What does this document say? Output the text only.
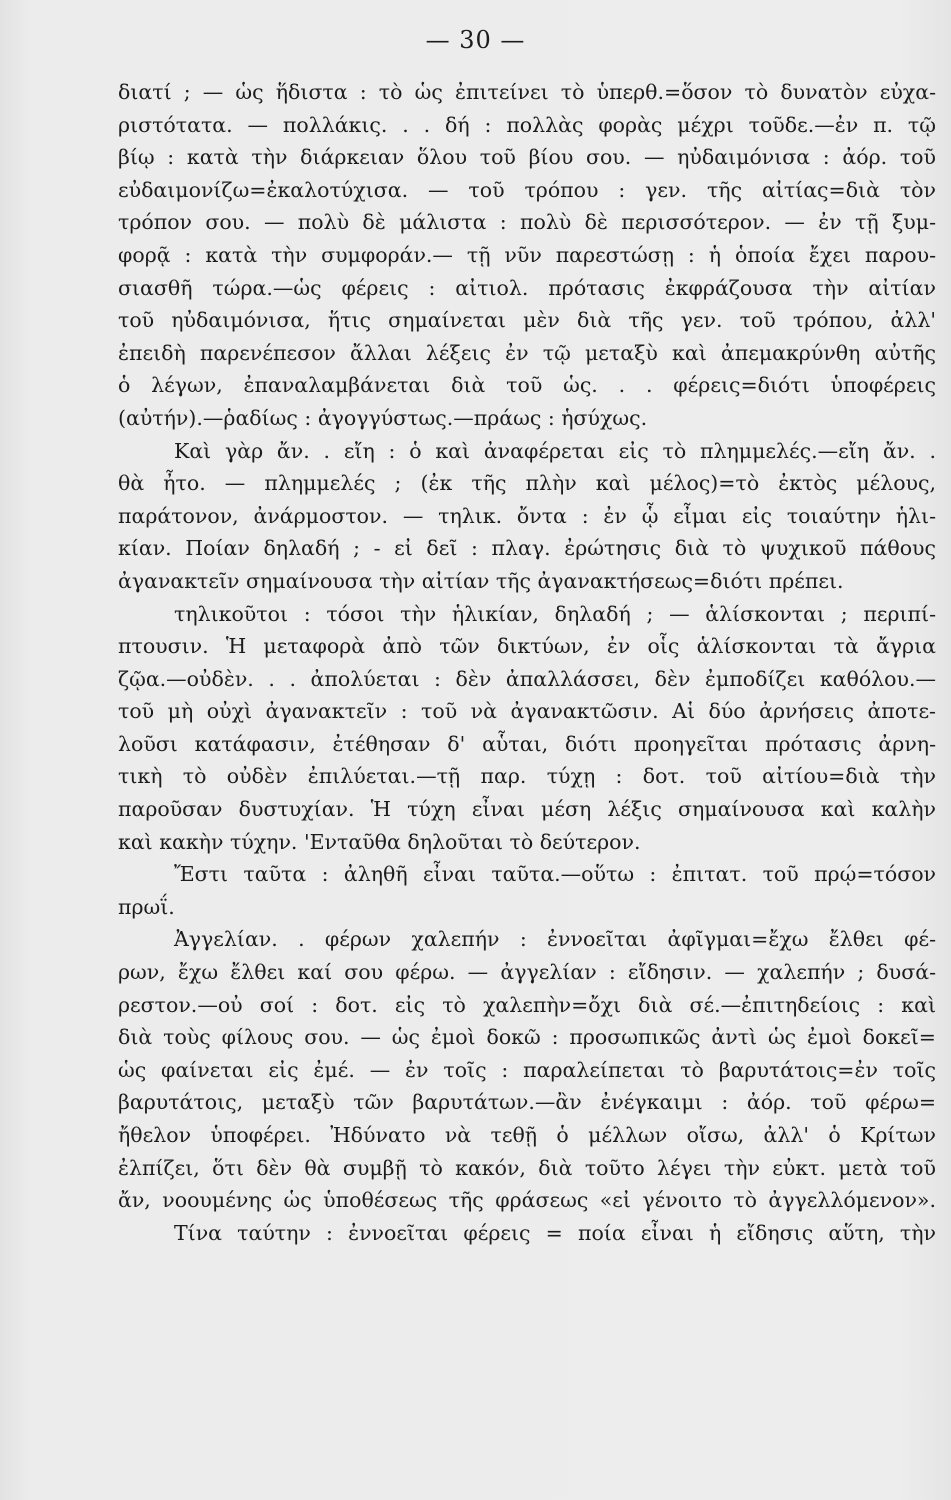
— 30 —
διατί ; — ὡς ἥδιστα : τὸ ὡς ἐπιτείνει τὸ ὑπερθ.=ὅσον τὸ δυνατὸν εὐχα-
ριστότατα. — πολλάκις. . . δή : πολλὰς φορὰς μέχρι τοῦδε.—ἐν π. τῷ
βίῳ : κατὰ τὴν διάρκειαν ὅλου τοῦ βίου σου. — ηὐδαιμόνισα : ἀόρ. τοῦ
εὐδαιμονίζω=ἐκαλοτύχισα. — τοῦ τρόπου : γεν. τῆς αἰτίας=διὰ τὸν
τρόπον σου. — πολὺ δὲ μάλιστα : πολὺ δὲ περισσότερον. — ἐν τῇ ξυμ-
φορᾷ : κατὰ τὴν συμφοράν.— τῇ νῦν παρεστώσῃ : ἡ ὁποία ἔχει παρου-
σιασθῆ τώρα.—ὡς φέρεις : αἰτιολ. πρότασις ἐκφράζουσα τὴν αἰτίαν
τοῦ ηὐδαιμόνισα, ἥτις σημαίνεται μὲν διὰ τῆς γεν. τοῦ τρόπου, ἀλλ'
ἐπειδὴ παρενέπεσον ἄλλαι λέξεις ἐν τῷ μεταξὺ καὶ ἀπεμακρύνθη αὐτῆς
ὁ λέγων, ἐπαναλαμβάνεται διὰ τοῦ ὡς. . . φέρεις=διότι ὑποφέρεις
(αὐτήν).—ῥαδίως : ἀγογγύστως.—πράως : ἡσύχως.
Καὶ γὰρ ἄν. . εἴη : ὁ καὶ ἀναφέρεται εἰς τὸ πλημμελές.—εἴη ἄν. .
θὰ ἦτο. — πλημμελές ; (ἐκ τῆς πλὴν καὶ μέλος)=τὸ ἐκτὸς μέλους,
παράτονον, ἀνάρμοστον. — τηλικ. ὄντα : ἐν ᾧ εἶμαι εἰς τοιαύτην ἡλι-
κίαν. Ποίαν δηλαδή ; - εἰ δεῖ : πλαγ. ἐρώτησις διὰ τὸ ψυχικοῦ πάθους
ἀγανακτεῖν σημαίνουσα τὴν αἰτίαν τῆς ἀγανακτήσεως=διότι πρέπει.
τηλικοῦτοι : τόσοι τὴν ἡλικίαν, δηλαδή ; — ἁλίσκονται ; περιπί-
πτουσιν. Ἡ μεταφορὰ ἀπὸ τῶν δικτύων, ἐν οἷς ἁλίσκονται τὰ ἄγρια
ζῷα.—οὐδὲν. . . ἀπολύεται : δὲν ἀπαλλάσσει, δὲν ἐμποδίζει καθόλου.—
τοῦ μὴ οὐχὶ ἀγανακτεῖν : τοῦ νὰ ἀγανακτῶσιν. Αἱ δύο ἀρνήσεις ἀποτε-
λοῦσι κατάφασιν, ἐτέθησαν δ' αὗται, διότι προηγεῖται πρότασις ἀρνη-
τικὴ τὸ οὐδὲν ἐπιλύεται.—τῇ παρ. τύχῃ : δοτ. τοῦ αἰτίου=διὰ τὴν
παροῦσαν δυστυχίαν. Ἡ τύχη εἶναι μέση λέξις σημαίνουσα καὶ καλὴν
καὶ κακὴν τύχην. 'Ενταῦθα δηλοῦται τὸ δεύτερον.
Ἔστι ταῦτα : ἀληθῆ εἶναι ταῦτα.—οὕτω : ἐπιτατ. τοῦ πρῴ=τόσον
πρωΐ.
Ἀγγελίαν. . φέρων χαλεπήν : ἐννοεῖται ἀφῖγμαι=ἔχω ἔλθει φέ-
ρων, ἔχω ἔλθει καί σου φέρω. — ἀγγελίαν : εἴδησιν. — χαλεπήν ; δυσά-
ρεστον.—οὐ σοί : δοτ. εἰς τὸ χαλεπὴν=ὄχι διὰ σέ.—ἐπιτηδείοις : καὶ
διὰ τοὺς φίλους σου. — ὡς ἐμοὶ δοκῶ : προσωπικῶς ἀντὶ ὡς ἐμοὶ δοκεῖ=
ὡς φαίνεται εἰς ἐμέ. — ἐν τοῖς : παραλείπεται τὸ βαρυτάτοις=ἐν τοῖς
βαρυτάτοις, μεταξὺ τῶν βαρυτάτων.—ἂν ἐνέγκαιμι : ἀόρ. τοῦ φέρω=
ἤθελον ὑποφέρει. Ἠδύνατο νὰ τεθῇ ὁ μέλλων οἴσω, ἀλλ' ὁ Κρίτων
ἐλπίζει, ὅτι δὲν θὰ συμβῇ τὸ κακόν, διὰ τοῦτο λέγει τὴν εὐκτ. μετὰ τοῦ
ἄν, νοουμένης ὡς ὑποθέσεως τῆς φράσεως «εἰ γένοιτο τὸ ἀγγελλόμενον».
Τίνα ταύτην : ἐννοεῖται φέρεις = ποία εἶναι ἡ εἴδησις αὕτη, τὴν
